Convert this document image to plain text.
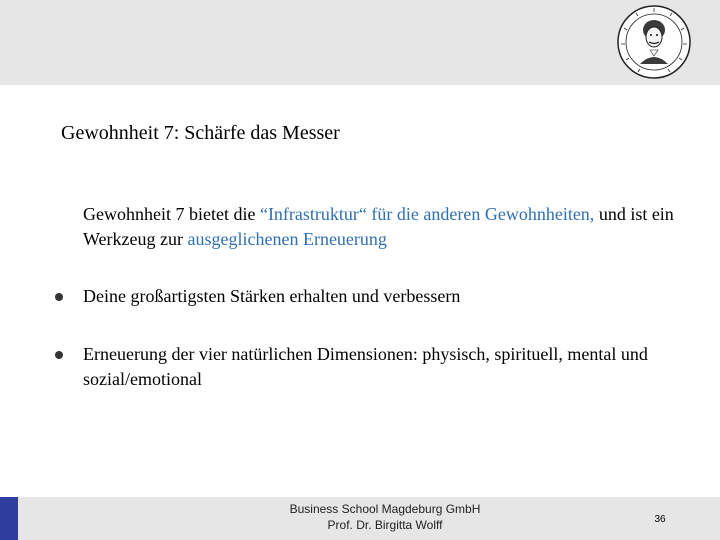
Gewohnheit 7: Schärfe das Messer
Gewohnheit 7 bietet die “Infrastruktur“ für die anderen Gewohnheiten, und ist ein Werkzeug zur ausgeglichenen Erneuerung
Deine großartigsten Stärken erhalten und verbessern
Erneuerung der vier natürlichen Dimensionen: physisch, spirituell, mental und sozial/emotional
Business School Magdeburg GmbH
Prof. Dr. Birgitta Wolff	36
